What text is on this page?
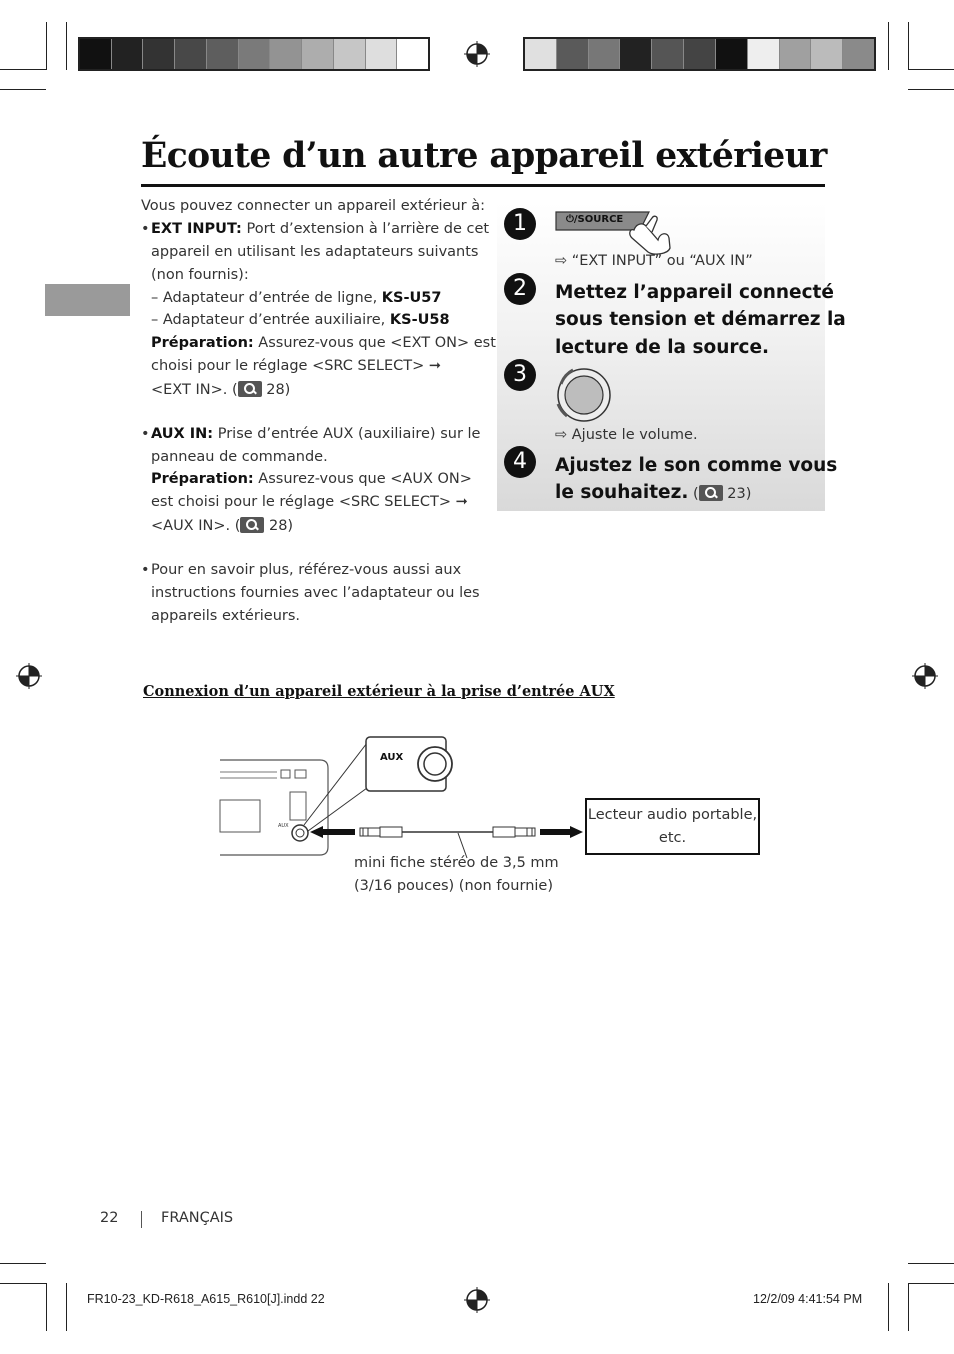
Écoute d’un autre appareil extérieur
Vous pouvez connecter un appareil extérieur à:
• EXT INPUT: Port d’extension à l’arrière de cet
appareil en utilisant les adaptateurs suivants
(non fournis):
– Adaptateur d’entrée de ligne, KS-U57
– Adaptateur d’entrée auxiliaire, KS-U58
Préparation: Assurez-vous que <EXT ON> est
choisi pour le réglage <SRC SELECT> ➞
<EXT IN>. ( 28)
• AUX IN: Prise d’entrée AUX (auxiliaire) sur le
panneau de commande.
Préparation: Assurez-vous que <AUX ON>
est choisi pour le réglage <SRC SELECT> ➞
<AUX IN>. ( 28)
• Pour en savoir plus, référez-vous aussi aux
instructions fournies avec l’adaptateur ou les
appareils extérieurs.
1	⏻/SOURCE
⇨ “EXT INPUT” ou “AUX IN”
2	Mettez l’appareil connecté
sous tension et démarrez la
lecture de la source.
3
⇨ Ajuste le volume.
4	Ajustez le son comme vous
le souhaitez. ( 23)
Connexion d’un appareil extérieur à la prise d’entrée AUX
AUX
AUX
Lecteur audio portable,
etc.
mini fiche stéréo de 3,5 mm
(3/16 pouces) (non fournie)
22	FRANÇAIS
FR10-23_KD-R618_A615_R610[J].indd 22	12/2/09 4:41:54 PM
